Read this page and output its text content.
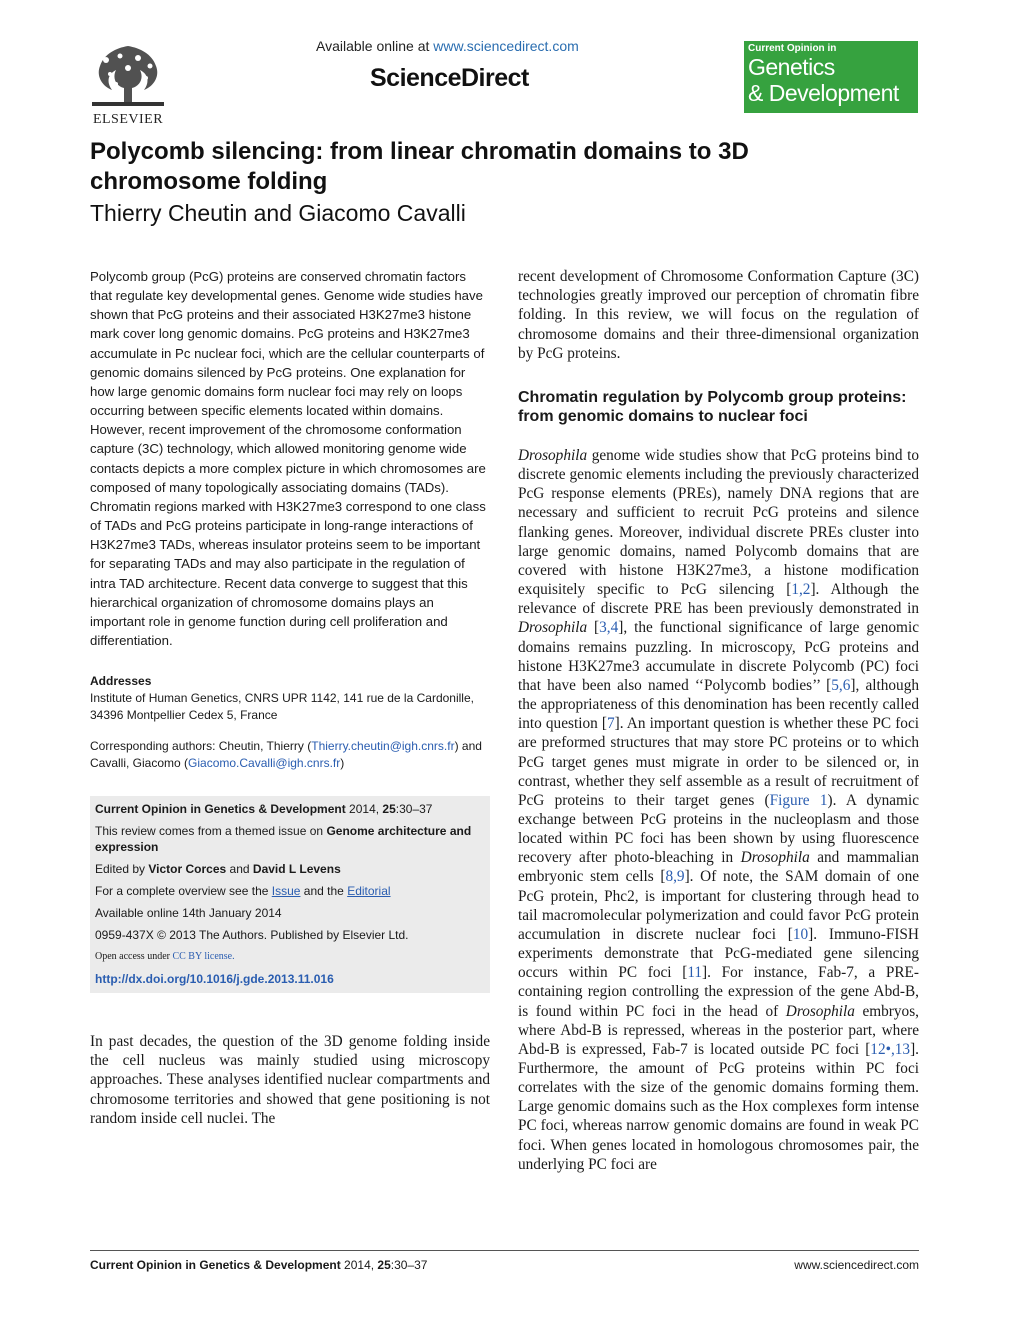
ELSEVIER
Available online at www.sciencedirect.com
ScienceDirect
Current Opinion in
Genetics
& Development
Polycomb silencing: from linear chromatin domains to 3D chromosome folding
Thierry Cheutin and Giacomo Cavalli
Polycomb group (PcG) proteins are conserved chromatin factors that regulate key developmental genes. Genome wide studies have shown that PcG proteins and their associated H3K27me3 histone mark cover long genomic domains. PcG proteins and H3K27me3 accumulate in Pc nuclear foci, which are the cellular counterparts of genomic domains silenced by PcG proteins. One explanation for how large genomic domains form nuclear foci may rely on loops occurring between specific elements located within domains. However, recent improvement of the chromosome conformation capture (3C) technology, which allowed monitoring genome wide contacts depicts a more complex picture in which chromosomes are composed of many topologically associating domains (TADs). Chromatin regions marked with H3K27me3 correspond to one class of TADs and PcG proteins participate in long-range interactions of H3K27me3 TADs, whereas insulator proteins seem to be important for separating TADs and may also participate in the regulation of intra TAD architecture. Recent data converge to suggest that this hierarchical organization of chromosome domains plays an important role in genome function during cell proliferation and differentiation.
Addresses
Institute of Human Genetics, CNRS UPR 1142, 141 rue de la Cardonille,
34396 Montpellier Cedex 5, France
Corresponding authors: Cheutin, Thierry (Thierry.cheutin@igh.cnrs.fr) and Cavalli, Giacomo (Giacomo.Cavalli@igh.cnrs.fr)
Current Opinion in Genetics & Development 2014, 25:30–37
This review comes from a themed issue on Genome architecture and expression
Edited by Victor Corces and David L Levens
For a complete overview see the Issue and the Editorial
Available online 14th January 2014
0959-437X © 2013 The Authors. Published by Elsevier Ltd.
Open access under CC BY license.
http://dx.doi.org/10.1016/j.gde.2013.11.016
In past decades, the question of the 3D genome folding inside the cell nucleus was mainly studied using microscopy approaches. These analyses identified nuclear compartments and chromosome territories and showed that gene positioning is not random inside cell nuclei. The
recent development of Chromosome Conformation Capture (3C) technologies greatly improved our perception of chromatin fibre folding. In this review, we will focus on the regulation of chromosome domains and their three-dimensional organization by PcG proteins.
Chromatin regulation by Polycomb group proteins: from genomic domains to nuclear foci
Drosophila genome wide studies show that PcG proteins bind to discrete genomic elements including the previously characterized PcG response elements (PREs), namely DNA regions that are necessary and sufficient to recruit PcG proteins and silence flanking genes. Moreover, individual discrete PREs cluster into large genomic domains, named Polycomb domains that are covered with histone H3K27me3, a histone modification exquisitely specific to PcG silencing [1,2]. Although the relevance of discrete PRE has been previously demonstrated in Drosophila [3,4], the functional significance of large genomic domains remains puzzling. In microscopy, PcG proteins and histone H3K27me3 accumulate in discrete Polycomb (PC) foci that have been also named ‘‘Polycomb bodies’’ [5,6], although the appropriateness of this denomination has been recently called into question [7]. An important question is whether these PC foci are preformed structures that may store PC proteins or to which PcG target genes must migrate in order to be silenced or, in contrast, whether they self assemble as a result of recruitment of PcG proteins to their target genes (Figure 1). A dynamic exchange between PcG proteins in the nucleoplasm and those located within PC foci has been shown by using fluorescence recovery after photo-bleaching in Drosophila and mammalian embryonic stem cells [8,9]. Of note, the SAM domain of one PcG protein, Phc2, is important for clustering through head to tail macromolecular polymerization and could favor PcG protein accumulation in discrete nuclear foci [10]. Immuno-FISH experiments demonstrate that PcG-mediated gene silencing occurs within PC foci [11]. For instance, Fab-7, a PRE-containing region controlling the expression of the gene Abd-B, is found within PC foci in the head of Drosophila embryos, where Abd-B is repressed, whereas in the posterior part, where Abd-B is expressed, Fab-7 is located outside PC foci [12•,13]. Furthermore, the amount of PcG proteins within PC foci correlates with the size of the genomic domains forming them. Large genomic domains such as the Hox complexes form intense PC foci, whereas narrow genomic domains are found in weak PC foci. When genes located in homologous chromosomes pair, the underlying PC foci are
Current Opinion in Genetics & Development 2014, 25:30–37	www.sciencedirect.com
